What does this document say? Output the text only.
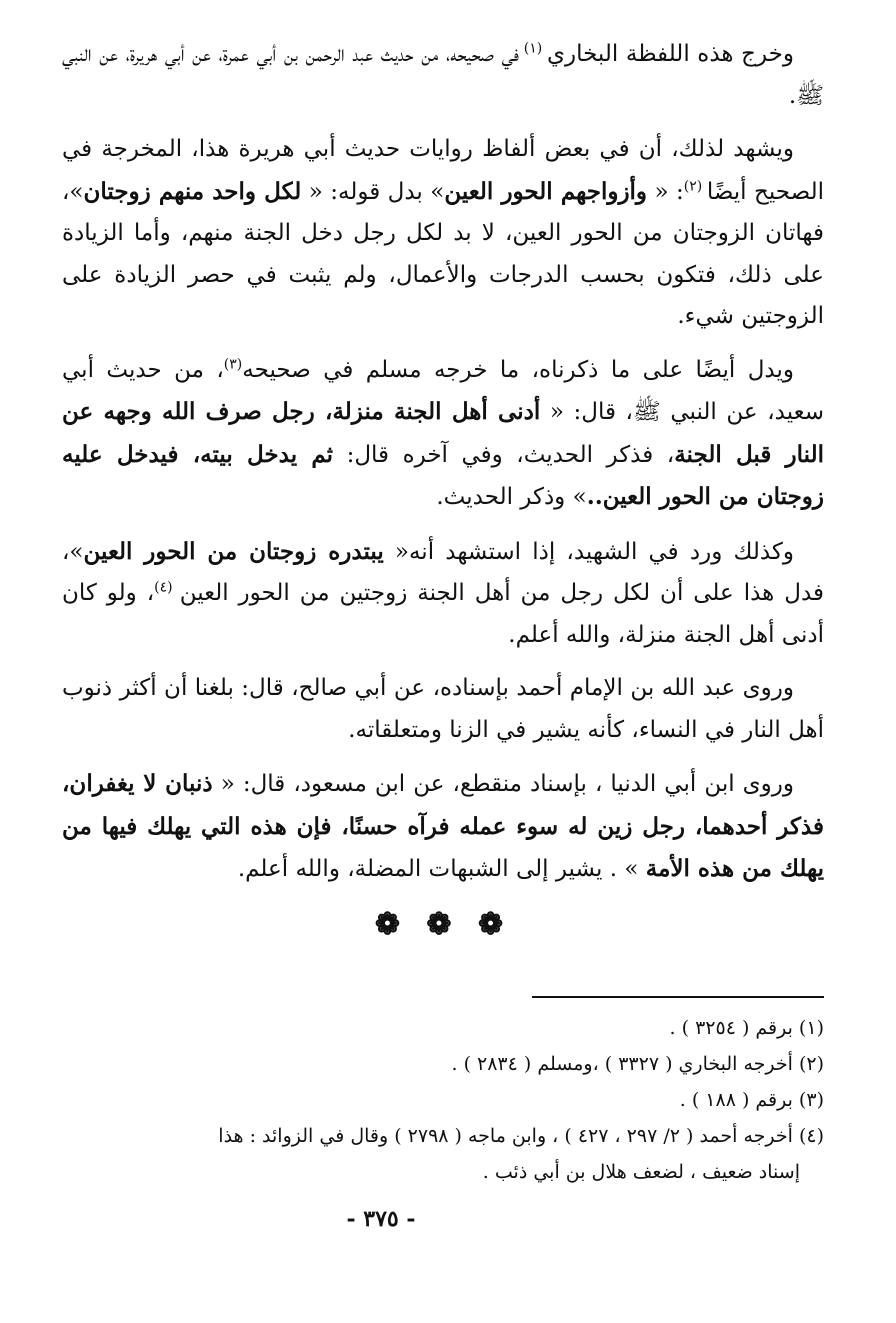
وخرج هذه اللفظة البخاري $^{(١)}$ في صحيحه، من حديث عبد الرحمن بن أبي عمرة، عن أبي هريرة، عن النبي ﷺ.

ويشهد لذلك، أن في بعض ألفاظ روايات حديث أبي هريرة هذا، المخرجة في الصحيح أيضًا $^{(٢)}$: « وأزواجهم الحور العين» بدل قوله: « لكل واحد منهم زوجتان»، فهاتان الزوجتان من الحور العين، لا بد لكل رجل دخل الجنة منهم، وأما الزيادة على ذلك، فتكون بحسب الدرجات والأعمال، ولم يثبت في حصر الزيادة على الزوجتين شيء.

ويدل أيضًا على ما ذكرناه، ما خرجه مسلم في صحيحه$^{(٣)}$، من حديث أبي سعيد، عن النبي ﷺ، قال: « أدنى أهل الجنة منزلة، رجل صرف الله وجهه عن النار قبل الجنة، فذكر الحديث، وفي آخره قال: ثم يدخل بيته، فيدخل عليه زوجتان من الحور العين..» وذكر الحديث.

وكذلك ورد في الشهيد، إذا استشهد أنه« يبتدره زوجتان من الحور العين»، فدل هذا على أن لكل رجل من أهل الجنة زوجتين من الحور العين $^{(٤)}$، ولو كان أدنى أهل الجنة منزلة، والله أعلم.

وروى عبد الله بن الإمام أحمد بإسناده، عن أبي صالح، قال: بلغنا أن أكثر ذنوب أهل النار في النساء، كأنه يشير في الزنا ومتعلقاته.

وروى ابن أبي الدنيا ، بإسناد منقطع، عن ابن مسعود، قال: « ذنبان لا يغفران، فذكر أحدهما، رجل زين له سوء عمله فرآه حسنًا، فإن هذه التي يهلك فيها من يهلك من هذه الأمة » . يشير إلى الشبهات المضلة، والله أعلم.

❁ ❁ ❁

(١) برقم ( ٣٢٥٤ ) .

(٢) أخرجه البخاري ( ٣٣٢٧ ) ،ومسلم ( ٢٨٣٤ ) .

(٣) برقم ( ١٨٨ ) .

(٤) أخرجه أحمد ( ٢/ ٢٩٧ ، ٤٢٧ ) ، وابن ماجه ( ٢٧٩٨ ) وقال في الزوائد : هذا

إسناد ضعيف ، لضعف هلال بن أبي ذئب .

- ٣٧٥ -
